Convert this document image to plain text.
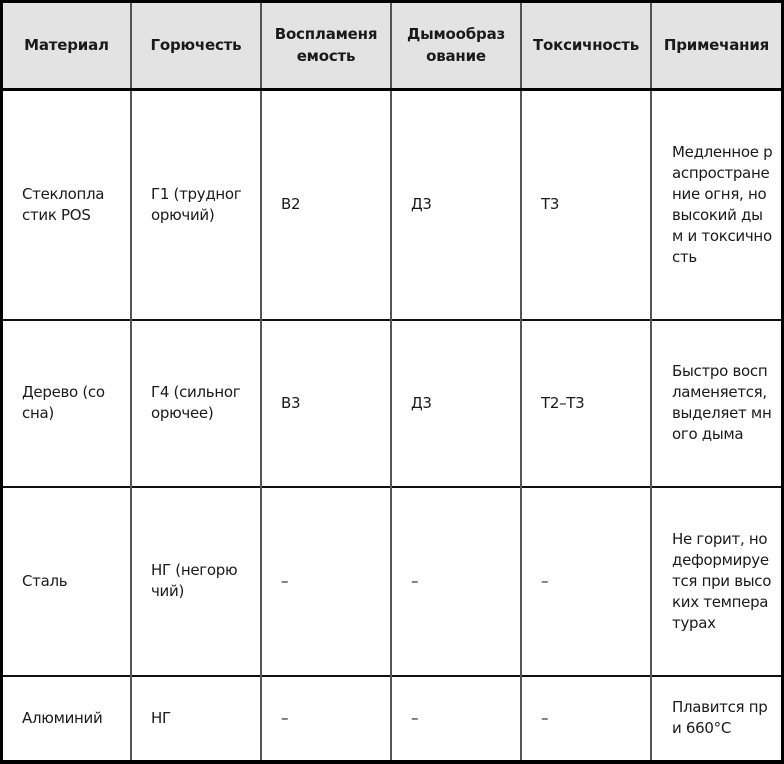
Материал	Горючесть	Воспламеняемость	Дымообразование	Токсичность	Примечания
Стеклопластик POS	Г1 (трудногорючий)	В2	Д3	Т3	Медленное распространение огня, но высокий дым и токсичность
Дерево (сосна)	Г4 (сильногорючее)	В3	Д3	Т2–Т3	Быстро воспламеняется, выделяет много дыма
Сталь	НГ (негорючий)	–	–	–	Не горит, но деформируется при высоких температурах
Алюминий	НГ	–	–	–	Плавится при 660°C
